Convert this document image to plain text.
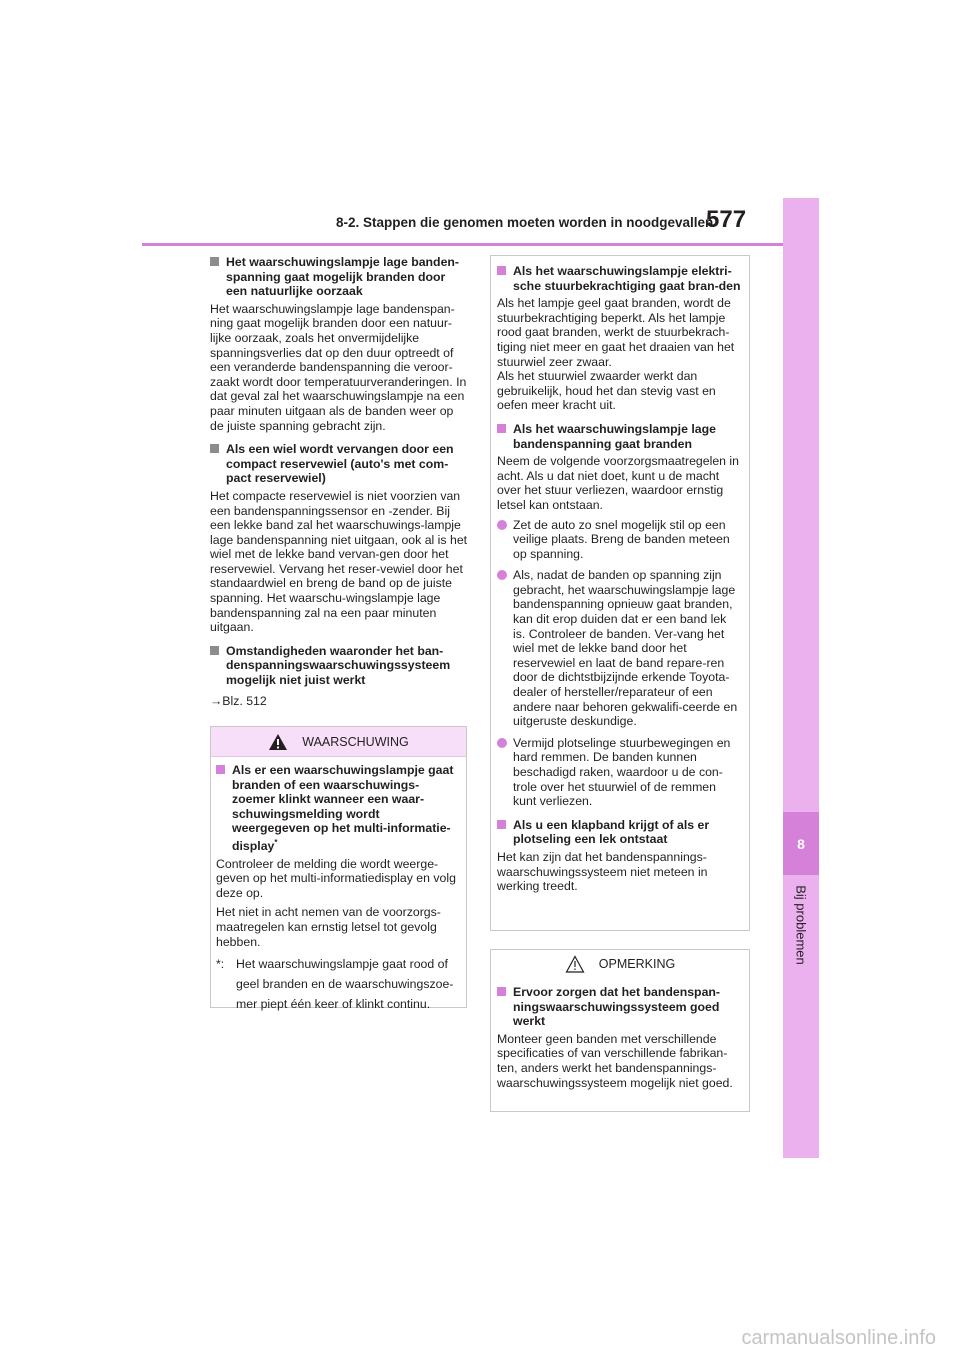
8-2. Stappen die genomen moeten worden in noodgevallen
577
8
Bij problemen
Het waarschuwingslampje lage banden-spanning gaat mogelijk branden door een natuurlijke oorzaak

Het waarschuwingslampje lage bandenspan-ning gaat mogelijk branden door een natuur-lijke oorzaak, zoals het onvermijdelijke spanningsverlies dat op den duur optreedt of een veranderde bandenspanning die veroor-zaakt wordt door temperatuurveranderingen. In dat geval zal het waarschuwingslampje na een paar minuten uitgaan als de banden weer op de juiste spanning gebracht zijn.

Als een wiel wordt vervangen door een compact reservewiel (auto's met com-pact reservewiel)

Het compacte reservewiel is niet voorzien van een bandenspanningssensor en -zender. Bij een lekke band zal het waarschuwings-lampje lage bandenspanning niet uitgaan, ook al is het wiel met de lekke band vervan-gen door het reservewiel. Vervang het reser-vewiel door het standaardwiel en breng de band op de juiste spanning. Het waarschu-wingslampje lage bandenspanning zal na een paar minuten uitgaan.

Omstandigheden waaronder het ban-denspanningswaarschuwingssysteem mogelijk niet juist werkt

→Blz. 512

WAARSCHUWING
Als er een waarschuwingslampje gaat branden of een waarschuwings-zoemer klinkt wanneer een waar-schuwingsmelding wordt weergegeven op het multi-informatie-display*

Controleer de melding die wordt weerge-geven op het multi-informatiedisplay en volg deze op.

Het niet in acht nemen van de voorzorgs-maatregelen kan ernstig letsel tot gevolg hebben.

*: Het waarschuwingslampje gaat rood of geel branden en de waarschuwingszoe-mer piept één keer of klinkt continu.
Als het waarschuwingslampje elektri-sche stuurbekrachtiging gaat bran-den

Als het lampje geel gaat branden, wordt de stuurbekrachtiging beperkt. Als het lampje rood gaat branden, werkt de stuurbekrach-tiging niet meer en gaat het draaien van het stuurwiel zeer zwaar.
Als het stuurwiel zwaarder werkt dan gebruikelijk, houd het dan stevig vast en oefen meer kracht uit.

Als het waarschuwingslampje lage bandenspanning gaat branden

Neem de volgende voorzorgsmaatregelen in acht. Als u dat niet doet, kunt u de macht over het stuur verliezen, waardoor ernstig letsel kan ontstaan.

Zet de auto zo snel mogelijk stil op een veilige plaats. Breng de banden meteen op spanning.
Als, nadat de banden op spanning zijn gebracht, het waarschuwingslampje lage bandenspanning opnieuw gaat branden, kan dit erop duiden dat er een band lek is. Controleer de banden. Ver-vang het wiel met de lekke band door het reservewiel en laat de band repare-ren door de dichtstbijzijnde erkende Toyota-dealer of hersteller/reparateur of een andere naar behoren gekwalifi-ceerde en uitgeruste deskundige.
Vermijd plotselinge stuurbewegingen en hard remmen. De banden kunnen beschadigd raken, waardoor u de con-trole over het stuurwiel of de remmen kunt verliezen.
Als u een klapband krijgt of als er plotseling een lek ontstaat

Het kan zijn dat het bandenspannings-waarschuwingssysteem niet meteen in werking treedt.

OPMERKING
Ervoor zorgen dat het bandenspan-ningswaarschuwingssysteem goed werkt

Monteer geen banden met verschillende specificaties of van verschillende fabrikan-ten, anders werkt het bandenspannings-waarschuwingssysteem mogelijk niet goed.

carmanualsonline.info
